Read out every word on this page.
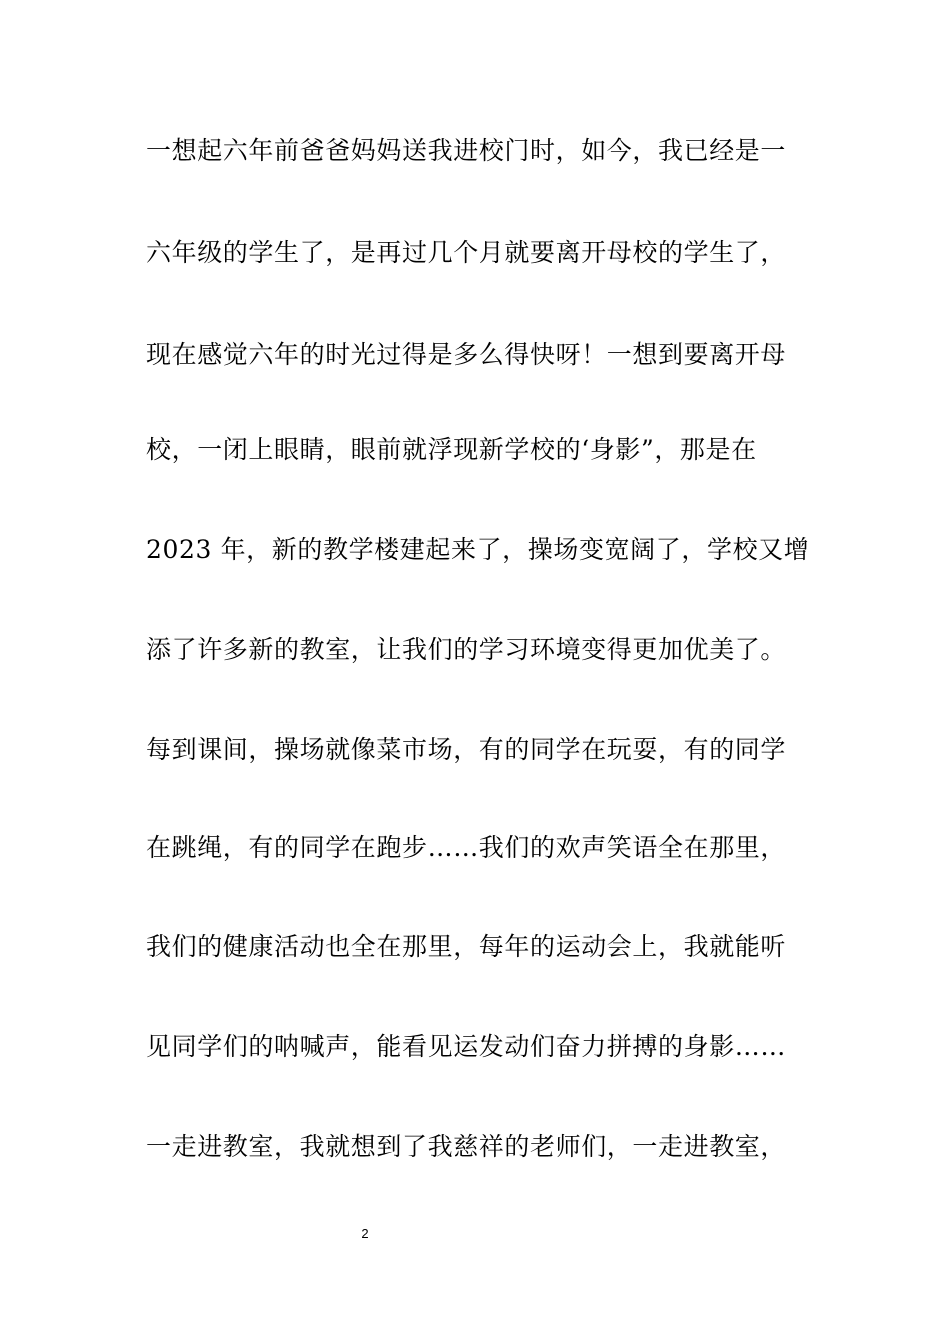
一想起六年前爸爸妈妈送我进校门时，如今，我已经是一
六年级的学生了，是再过几个月就要离开母校的学生了，
现在感觉六年的时光过得是多么得快呀！一想到要离开母
校，一闭上眼睛，眼前就浮现新学校的‘身影”，那是在
2023 年，新的教学楼建起来了，操场变宽阔了，学校又增
添了许多新的教室，让我们的学习环境变得更加优美了。
每到课间，操场就像菜市场，有的同学在玩耍，有的同学
在跳绳，有的同学在跑步……我们的欢声笑语全在那里，
我们的健康活动也全在那里，每年的运动会上，我就能听
见同学们的呐喊声，能看见运发动们奋力拼搏的身影……
一走进教室，我就想到了我慈祥的老师们，一走进教室，
2
